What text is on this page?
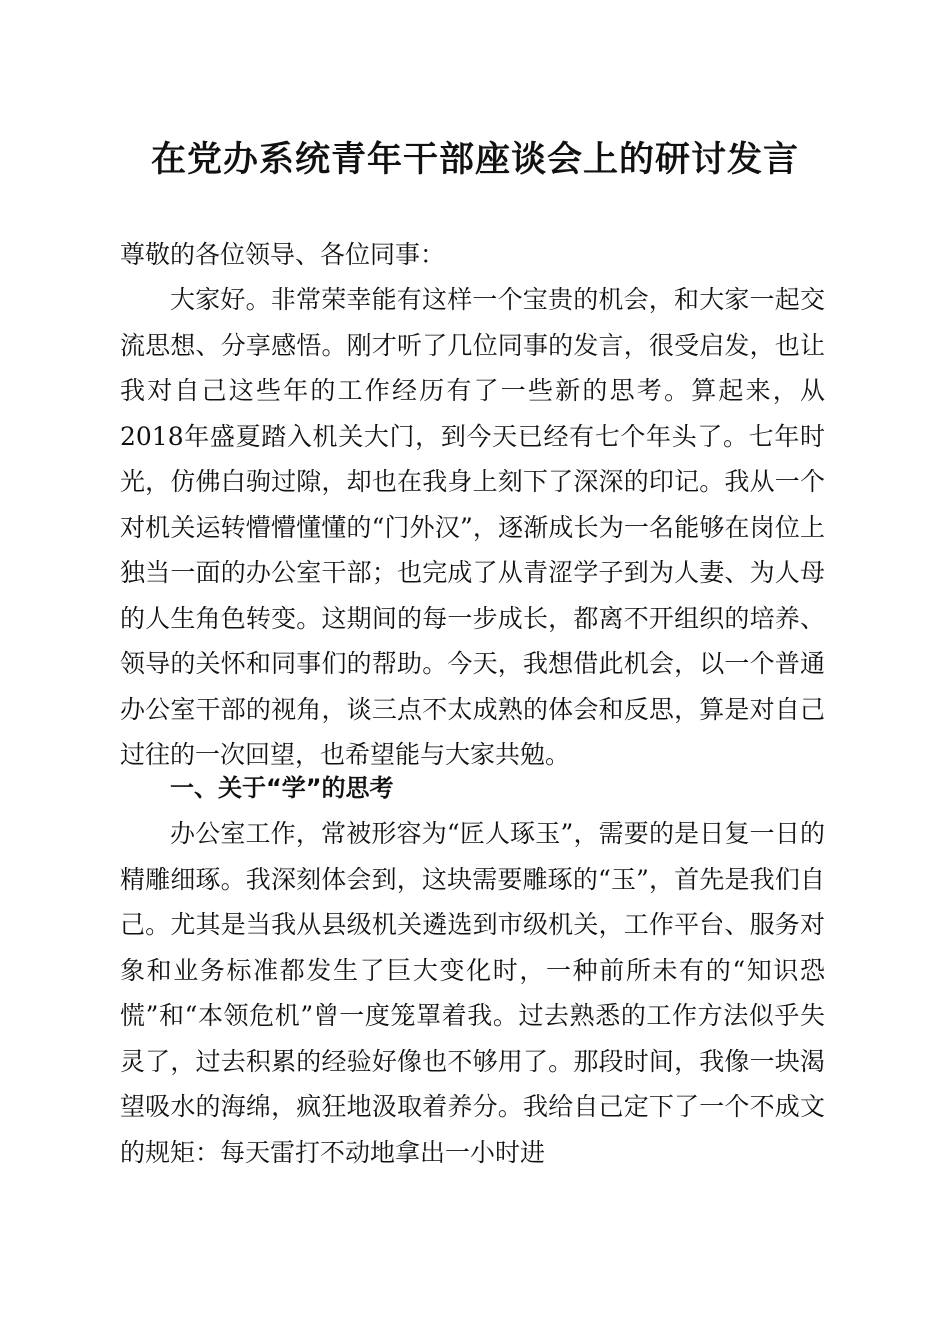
在党办系统青年干部座谈会上的研讨发言
尊敬的各位领导、各位同事：

大家好。非常荣幸能有这样一个宝贵的机会，和大家一起交流思想、分享感悟。刚才听了几位同事的发言，很受启发，也让我对自己这些年的工作经历有了一些新的思考。算起来，从2018年盛夏踏入机关大门，到今天已经有七个年头了。七年时光，仿佛白驹过隙，却也在我身上刻下了深深的印记。我从一个对机关运转懵懵懂懂的“门外汉”，逐渐成长为一名能够在岗位上独当一面的办公室干部；也完成了从青涩学子到为人妻、为人母的人生角色转变。这期间的每一步成长，都离不开组织的培养、领导的关怀和同事们的帮助。今天，我想借此机会，以一个普通办公室干部的视角，谈三点不太成熟的体会和反思，算是对自己过往的一次回望，也希望能与大家共勉。

一、关于“学”的思考

办公室工作，常被形容为“匠人琢玉”，需要的是日复一日的精雕细琢。我深刻体会到，这块需要雕琢的“玉”，首先是我们自己。尤其是当我从县级机关遴选到市级机关，工作平台、服务对象和业务标准都发生了巨大变化时，一种前所未有的“知识恐慌”和“本领危机”曾一度笼罩着我。过去熟悉的工作方法似乎失灵了，过去积累的经验好像也不够用了。那段时间，我像一块渴望吸水的海绵，疯狂地汲取着养分。我给自己定下了一个不成文的规矩：每天雷打不动地拿出一小时进
